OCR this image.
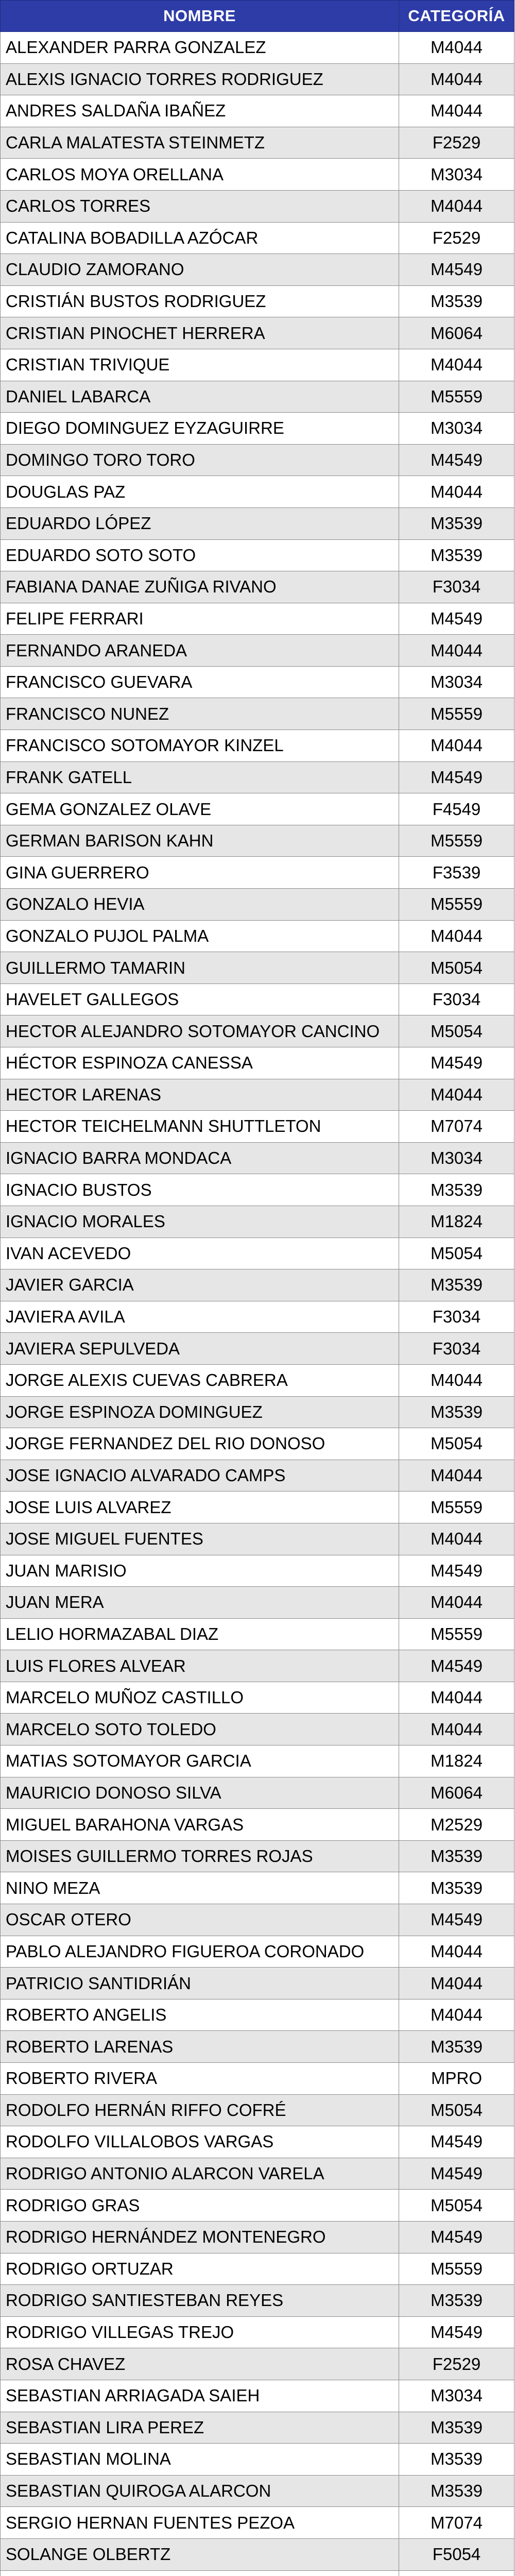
NOMBRE	CATEGORÍA
ALEXANDER PARRA GONZALEZ	M4044
ALEXIS IGNACIO TORRES RODRIGUEZ	M4044
ANDRES SALDAÑA IBAÑEZ	M4044
CARLA MALATESTA STEINMETZ	F2529
CARLOS MOYA ORELLANA	M3034
CARLOS TORRES	M4044
CATALINA BOBADILLA AZÓCAR	F2529
CLAUDIO ZAMORANO	M4549
CRISTIÁN BUSTOS RODRIGUEZ	M3539
CRISTIAN PINOCHET HERRERA	M6064
CRISTIAN TRIVIQUE	M4044
DANIEL LABARCA	M5559
DIEGO DOMINGUEZ EYZAGUIRRE	M3034
DOMINGO TORO TORO	M4549
DOUGLAS PAZ	M4044
EDUARDO LÓPEZ	M3539
EDUARDO SOTO SOTO	M3539
FABIANA DANAE ZUÑIGA RIVANO	F3034
FELIPE FERRARI	M4549
FERNANDO ARANEDA	M4044
FRANCISCO GUEVARA	M3034
FRANCISCO NUNEZ	M5559
FRANCISCO SOTOMAYOR KINZEL	M4044
FRANK GATELL	M4549
GEMA GONZALEZ OLAVE	F4549
GERMAN BARISON KAHN	M5559
GINA GUERRERO	F3539
GONZALO HEVIA	M5559
GONZALO PUJOL PALMA	M4044
GUILLERMO TAMARIN	M5054
HAVELET GALLEGOS	F3034
HECTOR ALEJANDRO SOTOMAYOR CANCINO	M5054
HÉCTOR ESPINOZA CANESSA	M4549
HECTOR LARENAS	M4044
HECTOR TEICHELMANN SHUTTLETON	M7074
IGNACIO BARRA MONDACA	M3034
IGNACIO BUSTOS	M3539
IGNACIO MORALES	M1824
IVAN ACEVEDO	M5054
JAVIER GARCIA	M3539
JAVIERA AVILA	F3034
JAVIERA SEPULVEDA	F3034
JORGE ALEXIS CUEVAS CABRERA	M4044
JORGE ESPINOZA DOMINGUEZ	M3539
JORGE FERNANDEZ DEL RIO DONOSO	M5054
JOSE IGNACIO ALVARADO CAMPS	M4044
JOSE LUIS ALVAREZ	M5559
JOSE MIGUEL FUENTES	M4044
JUAN MARISIO	M4549
JUAN MERA	M4044
LELIO HORMAZABAL DIAZ	M5559
LUIS FLORES ALVEAR	M4549
MARCELO MUÑOZ CASTILLO	M4044
MARCELO SOTO TOLEDO	M4044
MATIAS SOTOMAYOR GARCIA	M1824
MAURICIO DONOSO SILVA	M6064
MIGUEL BARAHONA VARGAS	M2529
MOISES GUILLERMO TORRES ROJAS	M3539
NINO MEZA	M3539
OSCAR OTERO	M4549
PABLO ALEJANDRO FIGUEROA CORONADO	M4044
PATRICIO SANTIDRIÁN	M4044
ROBERTO ANGELIS	M4044
ROBERTO LARENAS	M3539
ROBERTO RIVERA	MPRO
RODOLFO HERNÁN RIFFO COFRÉ	M5054
RODOLFO VILLALOBOS VARGAS	M4549
RODRIGO ANTONIO ALARCON VARELA	M4549
RODRIGO GRAS	M5054
RODRIGO HERNÁNDEZ MONTENEGRO	M4549
RODRIGO ORTUZAR	M5559
RODRIGO SANTIESTEBAN REYES	M3539
RODRIGO VILLEGAS TREJO	M4549
ROSA CHAVEZ	F2529
SEBASTIAN ARRIAGADA SAIEH	M3034
SEBASTIAN LIRA PEREZ	M3539
SEBASTIAN MOLINA	M3539
SEBASTIAN QUIROGA ALARCON	M3539
SERGIO HERNAN FUENTES PEZOA	M7074
SOLANGE OLBERTZ	F5054
